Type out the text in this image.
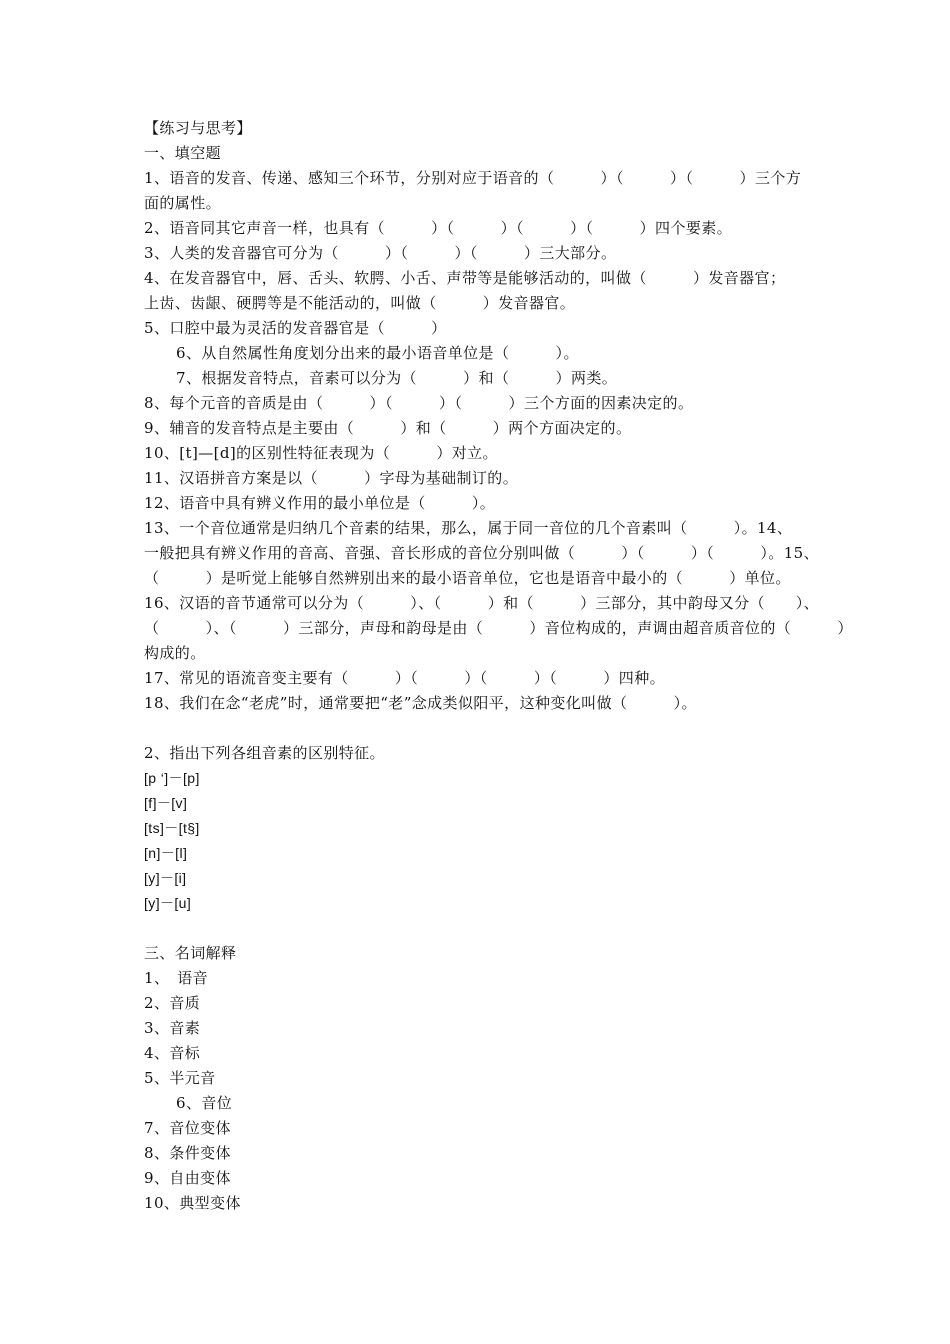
【练习与思考】
一、填空题
1、语音的发音、传递、感知三个环节，分别对应于语音的（　　　）（　　　）（　　　）三个方
面的属性。
2、语音同其它声音一样，也具有（　　　）（　　　）（　　　）（　　　）四个要素。
3、人类的发音器官可分为（　　　）（　　　）（　　　）三大部分。
4、在发音器官中，唇、舌头、软腭、小舌、声带等是能够活动的，叫做（　　　）发音器官；
上齿、齿龈、硬腭等是不能活动的，叫做（　　　）发音器官。
5、口腔中最为灵活的发音器官是（　　　）
6、从自然属性角度划分出来的最小语音单位是（　　　）。
7、根据发音特点，音素可以分为（　　　）和（　　　）两类。
8、每个元音的音质是由（　　　）（　　　）（　　　）三个方面的因素决定的。
9、辅音的发音特点是主要由（　　　）和（　　　）两个方面决定的。
10、[t]—[d]的区别性特征表现为（　　　）对立。
11、汉语拼音方案是以（　　　）字母为基础制订的。
12、语音中具有辨义作用的最小单位是（　　　）。
13、一个音位通常是归纳几个音素的结果，那么，属于同一音位的几个音素叫（　　　）。14、
一般把具有辨义作用的音高、音强、音长形成的音位分别叫做（　　　）（　　　）（　　　）。15、
（　　　）是听觉上能够自然辨别出来的最小语音单位，它也是语音中最小的（　　　）单位。
16、汉语的音节通常可以分为（　　　）、（　　　）和（　　　）三部分，其中韵母又分（　　）、
（　　　）、（　　　）三部分，声母和韵母是由（　　　）音位构成的，声调由超音质音位的（　　　）
构成的。
17、常见的语流音变主要有（　　　）（　　　）（　　　）（　　　）四种。
18、我们在念“老虎”时，通常要把“老”念成类似阳平，这种变化叫做（　　　）。
2、指出下列各组音素的区别特征。
[p ‘]－[p]
[f]－[v]
[ts]－[t§]
[n]－[l]
[y]－[i]
[y]－[u]
三、名词解释
1、　语音
2、音质
3、音素
4、音标
5、半元音
6、音位
7、音位变体
8、条件变体
9、自由变体
10、典型变体
